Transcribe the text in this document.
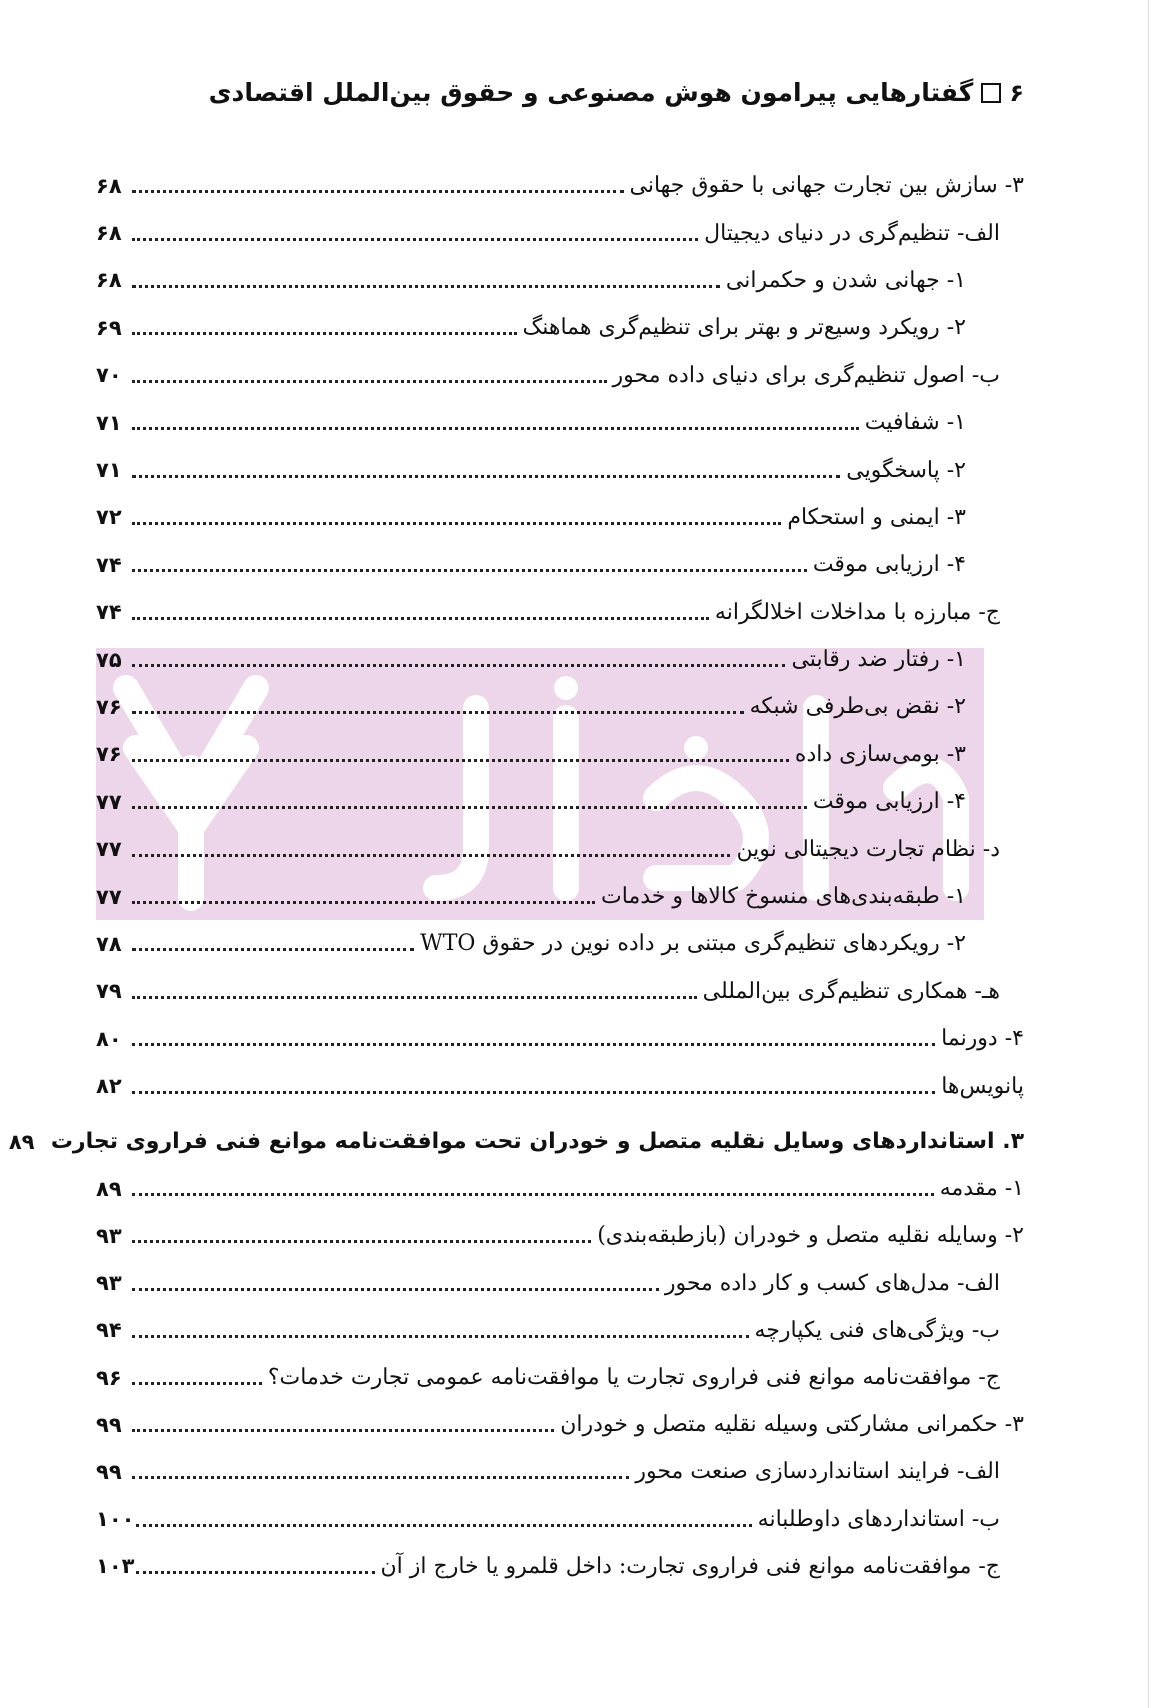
۶
گفتارهایی پیرامون هوش مصنوعی و حقوق بین‌الملل اقتصادی
۳- سازش بین تجارت جهانی با حقوق جهانی
۶۸
الف- تنظیم‌گری در دنیای دیجیتال
۶۸
۱- جهانی شدن و حکمرانی
۶۸
۲- رویکرد وسیع‌تر و بهتر برای تنظیم‌گری هماهنگ
۶۹
ب- اصول تنظیم‌گری برای دنیای داده محور
۷۰
۱- شفافیت
۷۱
۲- پاسخگویی
۷۱
۳- ایمنی و استحکام
۷۲
۴- ارزیابی موقت
۷۴
ج- مبارزه با مداخلات اخلالگرانه
۷۴
۱- رفتار ضد رقابتی
۷۵
۲- نقض بی‌طرفی شبکه
۷۶
۳- بومی‌سازی داده
۷۶
۴- ارزیابی موقت
۷۷
د- نظام تجارت دیجیتالی نوین
۷۷
۱- طبقه‌بندی‌های منسوخ کالاها و خدمات
۷۷
۲- رویکردهای تنظیم‌گری مبتنی بر داده نوین در حقوق WTO
۷۸
هـ- همکاری تنظیم‌گری بین‌المللی
۷۹
۴- دورنما
۸۰
پانویس‌ها
۸۲
۳. استانداردهای وسایل نقلیه متصل و خودران تحت موافقت‌نامه موانع فنی فراروی تجارت
۸۹
۱- مقدمه
۸۹
۲- وسایله نقلیه متصل و خودران (بازطبقه‌بندی)
۹۳
الف- مدل‌های کسب و کار داده محور
۹۳
ب- ویژگی‌های فنی یکپارچه
۹۴
ج- موافقت‌نامه موانع فنی فراروی تجارت یا موافقت‌نامه عمومی تجارت خدمات؟
۹۶
۳- حکمرانی مشارکتی وسیله نقلیه متصل و خودران
۹۹
الف- فرایند استانداردسازی صنعت محور
۹۹
ب- استانداردهای داوطلبانه
۱۰۰
ج- موافقت‌نامه موانع فنی فراروی تجارت: داخل قلمرو یا خارج از آن
۱۰۳
